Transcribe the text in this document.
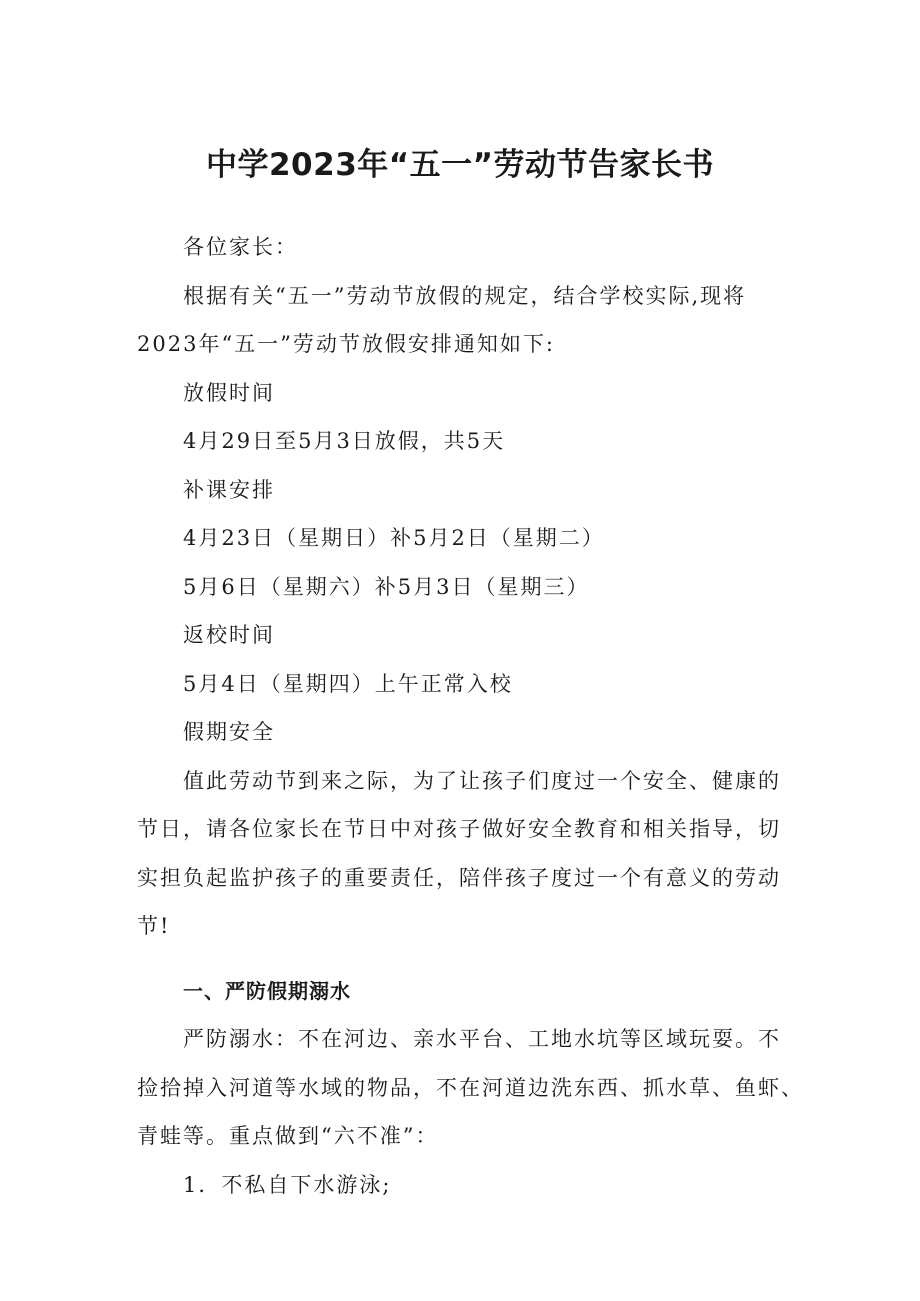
中学2023年“五一”劳动节告家长书

各位家长：

根据有关“五一”劳动节放假的规定，结合学校实际,现将

2023年“五一”劳动节放假安排通知如下:

放假时间

4月29日至5月3日放假，共5天

补课安排

4月23日（星期日）补5月2日（星期二）

5月6日（星期六）补5月3日（星期三）

返校时间

5月4日（星期四）上午正常入校

假期安全

值此劳动节到来之际，为了让孩子们度过一个安全、健康的

节日，请各位家长在节日中对孩子做好安全教育和相关指导，切

实担负起监护孩子的重要责任，陪伴孩子度过一个有意义的劳动

节!

一、严防假期溺水

严防溺水：不在河边、亲水平台、工地水坑等区域玩耍。不

捡拾掉入河道等水域的物品，不在河道边洗东西、抓水草、鱼虾、

青蛙等。重点做到“六不准”：

1．不私自下水游泳;
